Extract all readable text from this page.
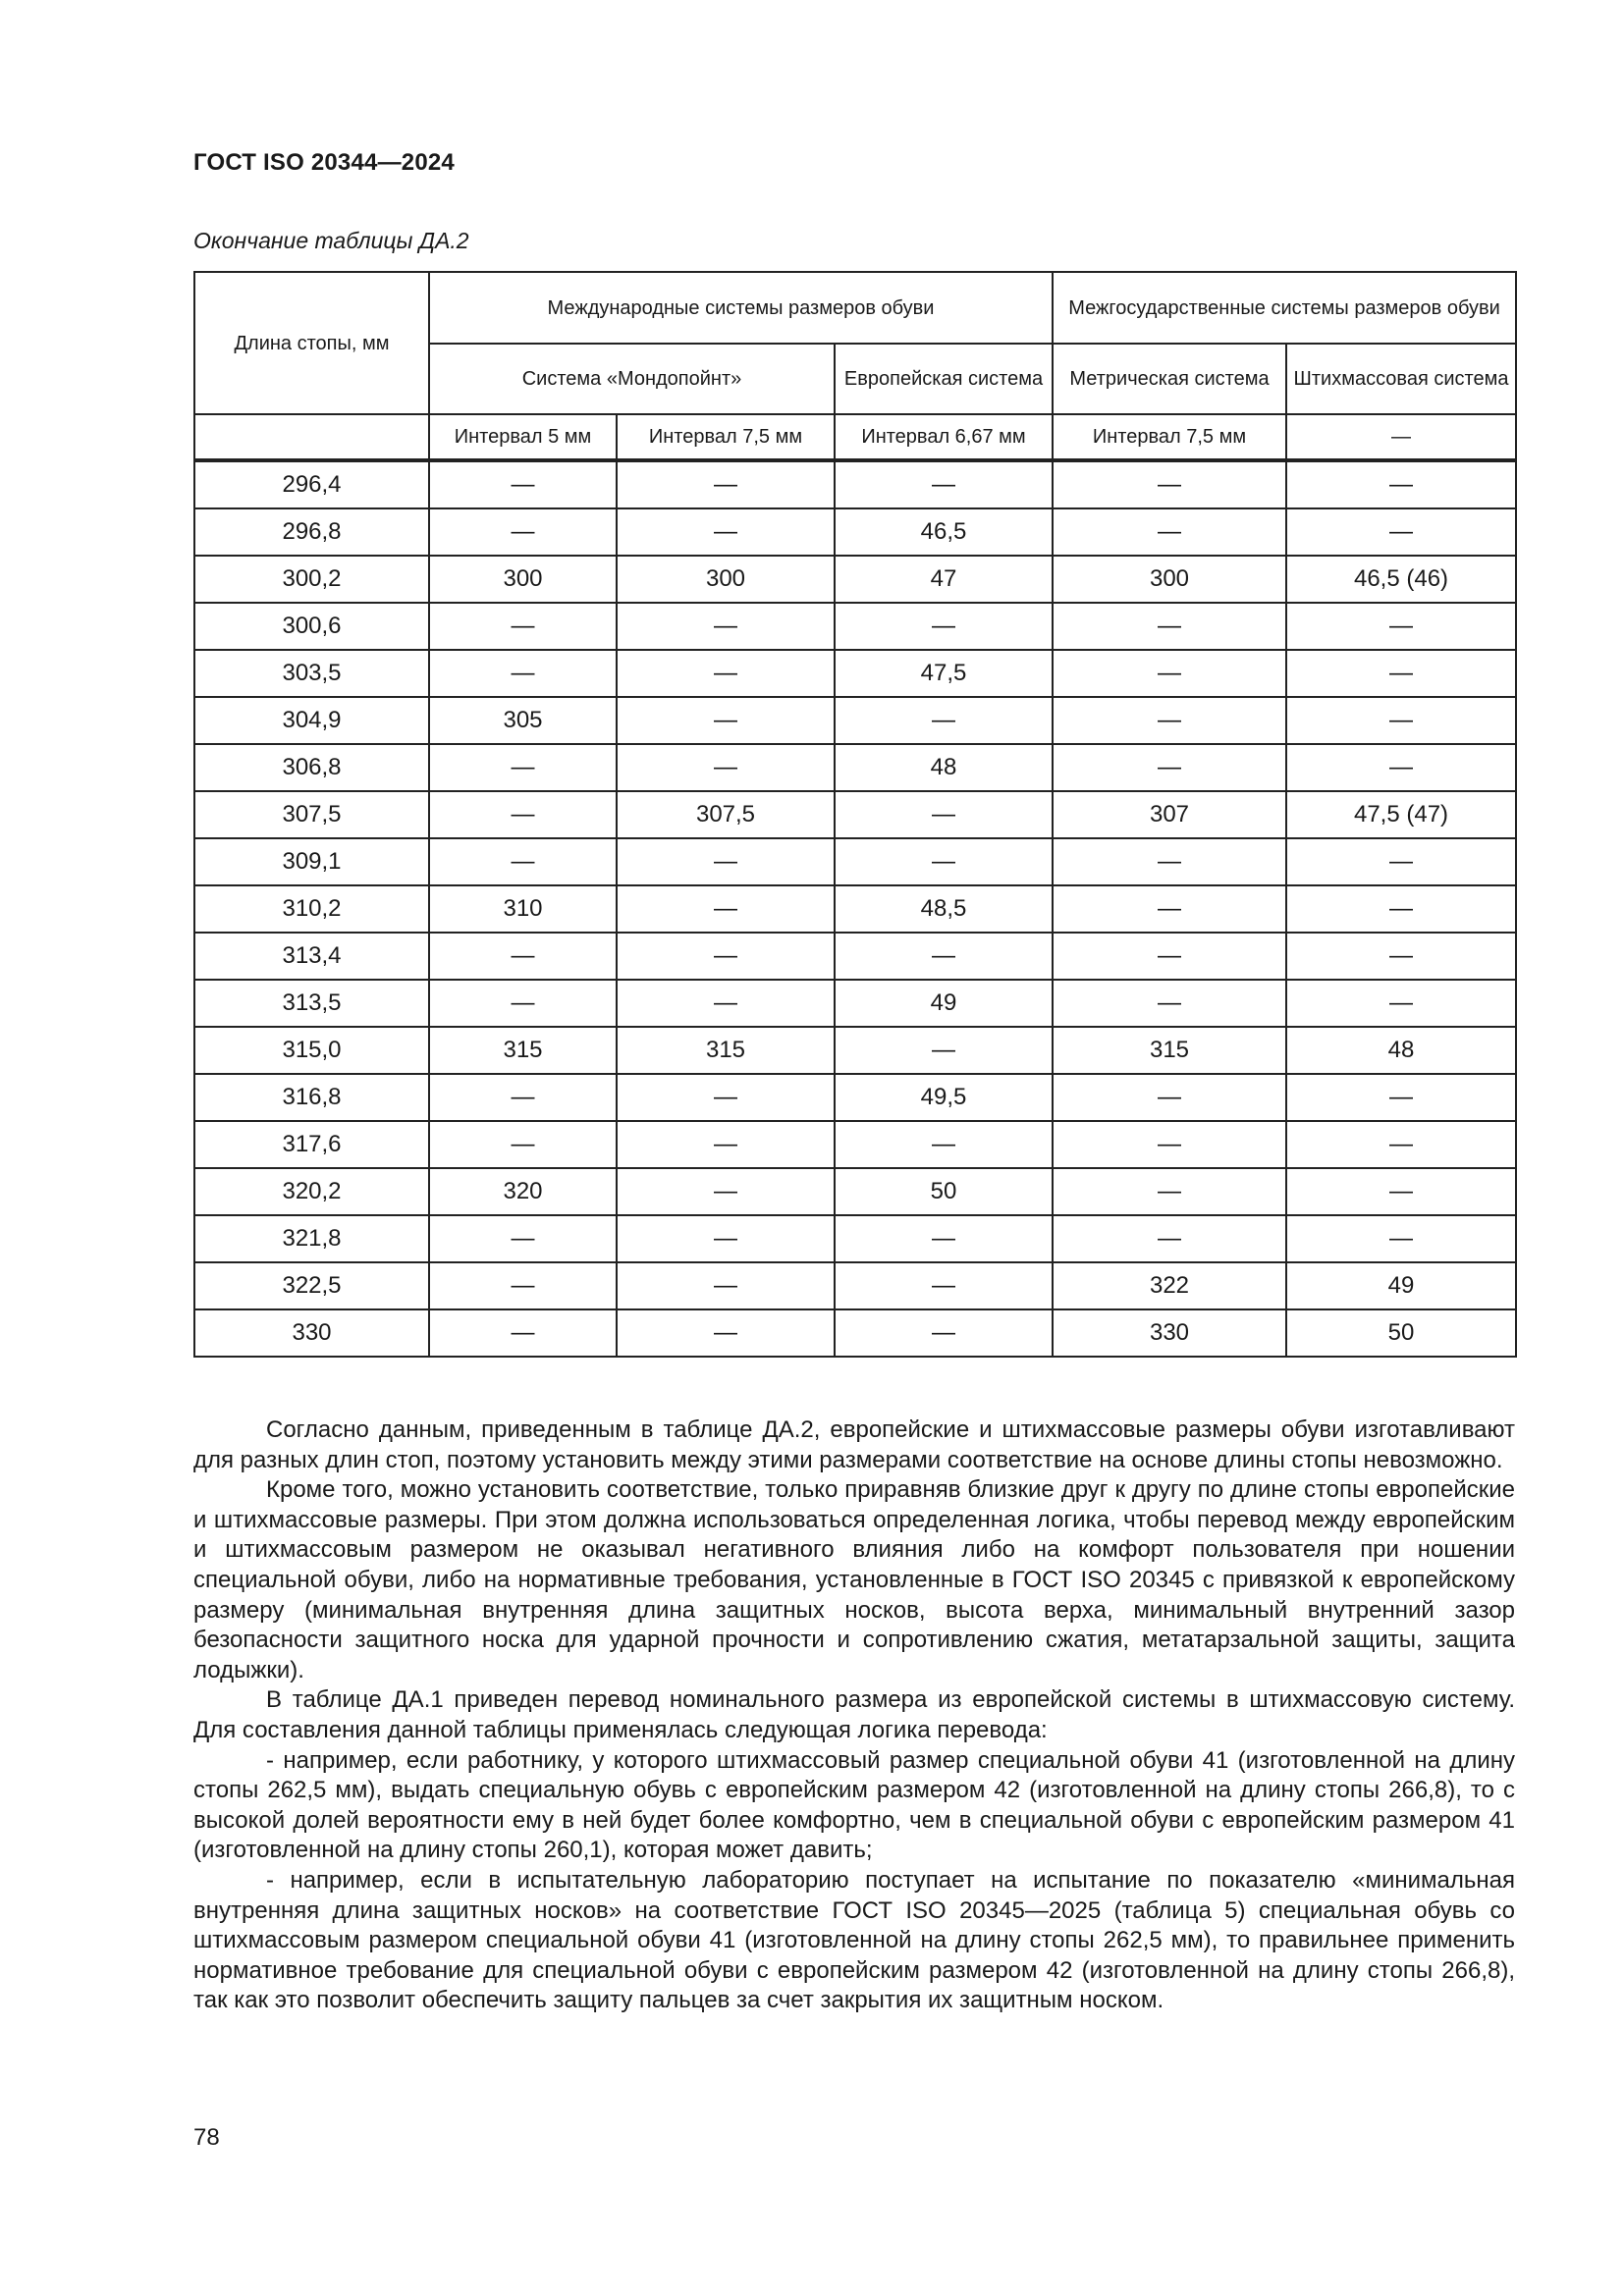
ГОСТ ISO 20344—2024
Окончание таблицы ДА.2
Длина стопы, мм	Международные системы размеров обуви			Межгосударственные системы размеров обуви	
	Система «Мондопойнт»		Европейская система	Метрическая система	Штихмассовая система
	Интервал 5 мм	Интервал 7,5 мм	Интервал 6,67 мм	Интервал 7,5 мм	—
296,4	—	—	—	—	—
296,8	—	—	46,5	—	—
300,2	300	300	47	300	46,5 (46)
300,6	—	—	—	—	—
303,5	—	—	47,5	—	—
304,9	305	—	—	—	—
306,8	—	—	48	—	—
307,5	—	307,5	—	307	47,5 (47)
309,1	—	—	—	—	—
310,2	310	—	48,5	—	—
313,4	—	—	—	—	—
313,5	—	—	49	—	—
315,0	315	315	—	315	48
316,8	—	—	49,5	—	—
317,6	—	—	—	—	—
320,2	320	—	50	—	—
321,8	—	—	—	—	—
322,5	—	—	—	322	49
330	—	—	—	330	50

Согласно данным, приведенным в таблице ДА.2, европейские и штихмассовые размеры обуви изготавливают для разных длин стоп, поэтому установить между этими размерами соответствие на основе длины стопы невозможно.

Кроме того, можно установить соответствие, только приравняв близкие друг к другу по длине стопы европейские и штихмассовые размеры. При этом должна использоваться определенная логика, чтобы перевод между европейским и штихмассовым размером не оказывал негативного влияния либо на комфорт пользователя при ношении специальной обуви, либо на нормативные требования, установленные в ГОСТ ISO 20345 с привязкой к европейскому размеру (минимальная внутренняя длина защитных носков, высота верха, минимальный внутренний зазор безопасности защитного носка для ударной прочности и сопротивлению сжатия, метатарзальной защиты, защита лодыжки).

В таблице ДА.1 приведен перевод номинального размера из европейской системы в штихмассовую систему. Для составления данной таблицы применялась следующая логика перевода:

- например, если работнику, у которого штихмассовый размер специальной обуви 41 (изготовленной на длину стопы 262,5 мм), выдать специальную обувь с европейским размером 42 (изготовленной на длину стопы 266,8), то с высокой долей вероятности ему в ней будет более комфортно, чем в специальной обуви с европейским размером 41 (изготовленной на длину стопы 260,1), которая может давить;

- например, если в испытательную лабораторию поступает на испытание по показателю «минимальная внутренняя длина защитных носков» на соответствие ГОСТ ISO 20345—2025 (таблица 5) специальная обувь со штихмассовым размером специальной обуви 41 (изготовленной на длину стопы 262,5 мм), то правильнее применить нормативное требование для специальной обуви с европейским размером 42 (изготовленной на длину стопы 266,8), так как это позволит обеспечить защиту пальцев за счет закрытия их защитным носком.

78
